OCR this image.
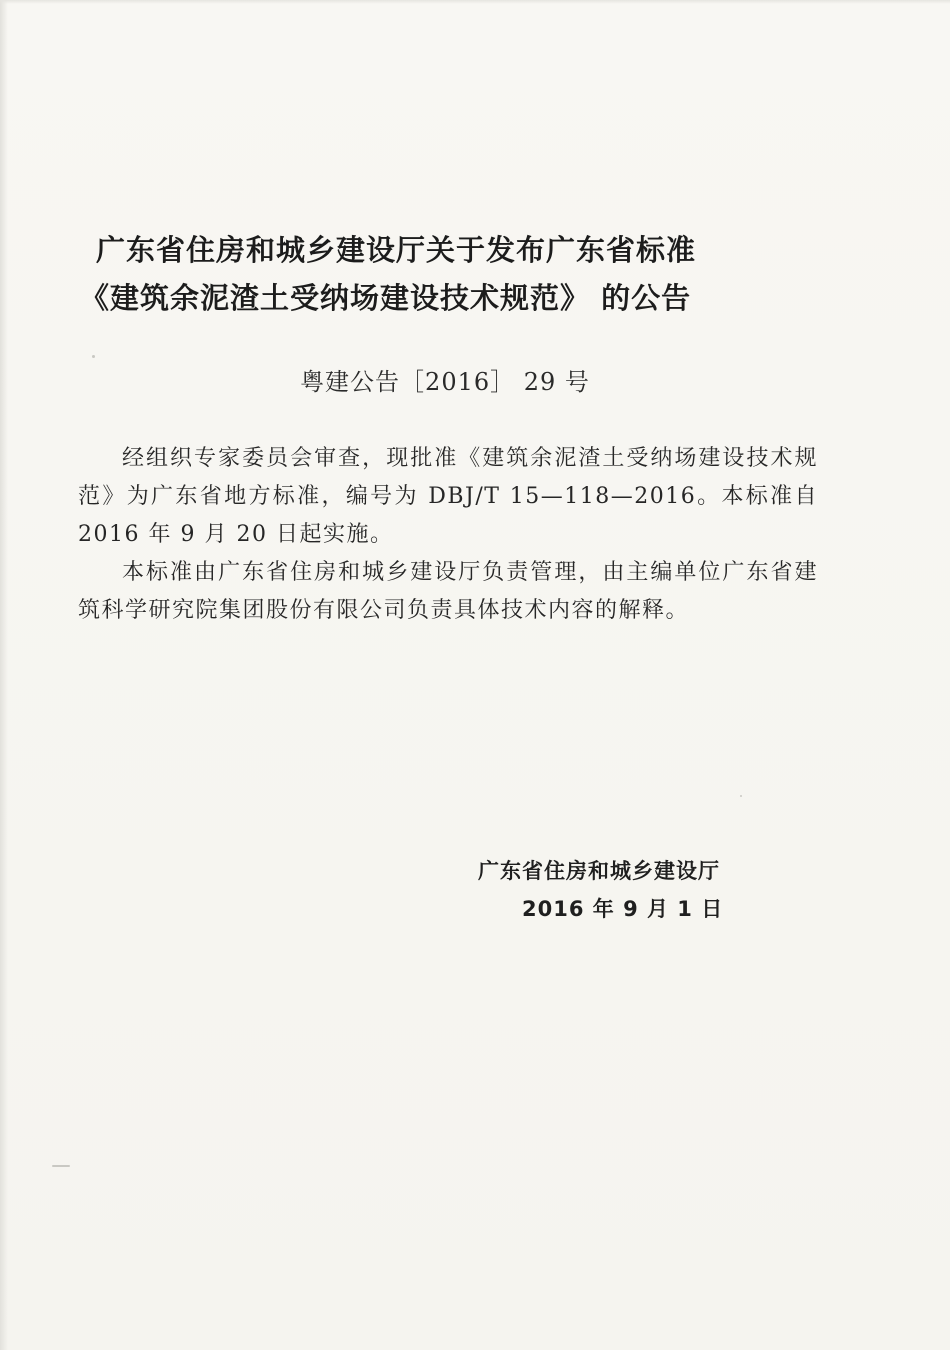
广东省住房和城乡建设厅关于发布广东省标准
《建筑余泥渣土受纳场建设技术规范》 的公告
粤建公告［2016］ 29 号

经组织专家委员会审查，现批准《建筑余泥渣土受纳场建设技术规范》为广东省地方标准，编号为 DBJ/T 15—118—2016。本标准自 2016 年 9 月 20 日起实施。

本标准由广东省住房和城乡建设厅负责管理，由主编单位广东省建筑科学研究院集团股份有限公司负责具体技术内容的解释。

广东省住房和城乡建设厅
2016 年 9 月 1 日
